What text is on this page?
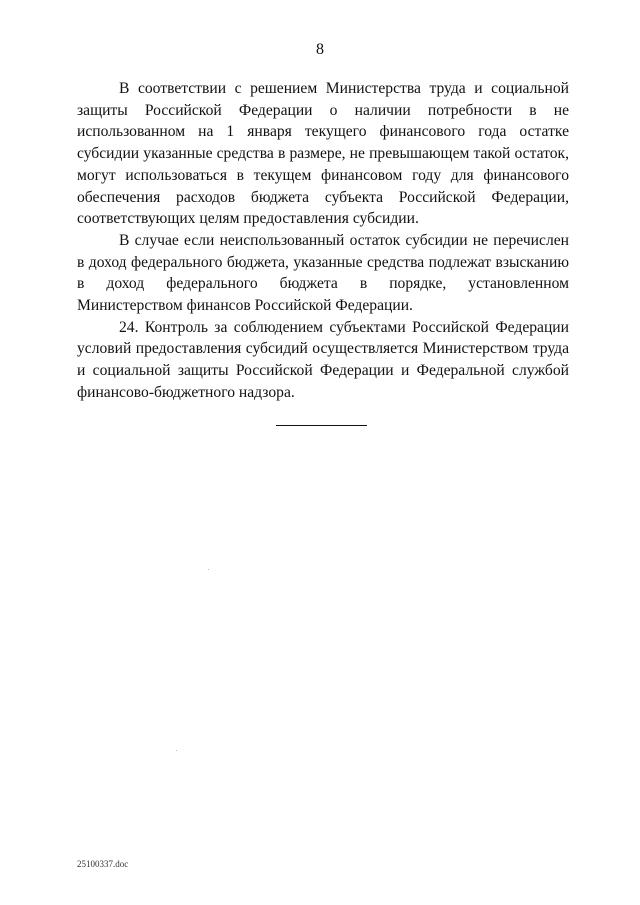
8

В соответствии с решением Министерства труда и социальной защиты Российской Федерации о наличии потребности в не использованном на 1 января текущего финансового года остатке субсидии указанные средства в размере, не превышающем такой остаток, могут использоваться в текущем финансовом году для финансового обеспечения расходов бюджета субъекта Российской Федерации, соответствующих целям предоставления субсидии.

В случае если неиспользованный остаток субсидии не перечислен в доход федерального бюджета, указанные средства подлежат взысканию в доход федерального бюджета в порядке, установленном Министерством финансов Российской Федерации.

24. Контроль за соблюдением субъектами Российской Федерации условий предоставления субсидий осуществляется Министерством труда и социальной защиты Российской Федерации и Федеральной службой финансово-бюджетного надзора.

25100337.doc
